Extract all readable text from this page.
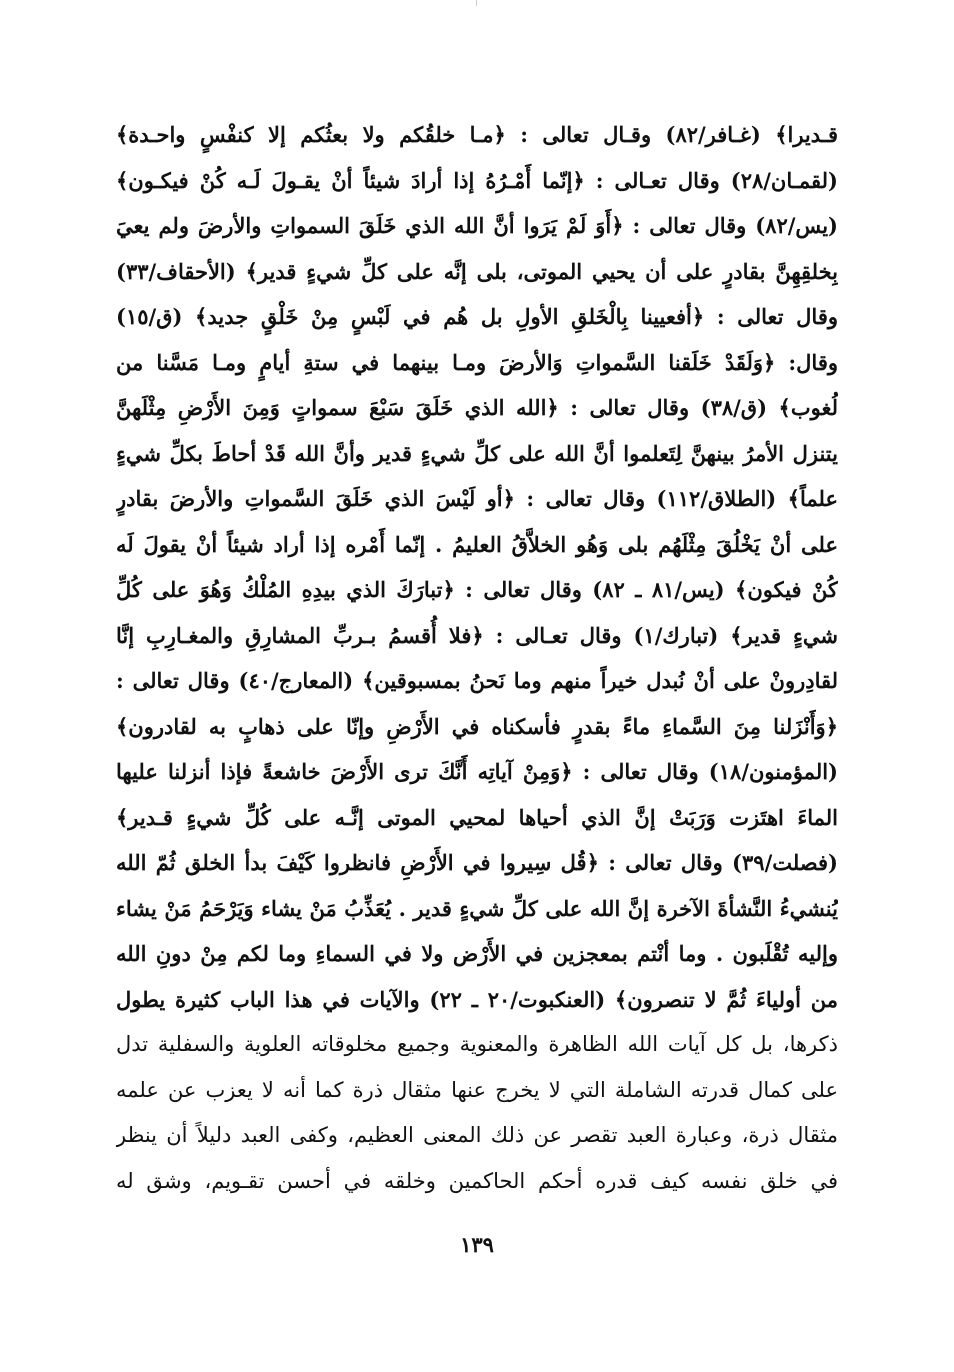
قـديرا﴾ (غـافر/٨٢) وقـال تعالى : ﴿مـا خلقُكم ولا بعثُكم إلا كنفْسٍ واحـدة﴾
(لقمـان/٢٨) وقال تعـالى : ﴿إنّما أَمْـرُهُ إذا أرادَ شيئاً أنْ يقـولَ لَـه كُنْ فيكـون﴾
(يس/٨٢) وقال تعالى : ﴿أَوَ لَمْ يَرَوا أنَّ الله الذي خَلَقَ السمواتِ والأرضَ ولم يعيَ
بِخلقِهِنَّ بقادرٍ على أن يحيي الموتى، بلى إنَّه على كلِّ شيءٍ قدير﴾ (الأحقاف/٣٣)
وقال تعالى : ﴿أفعيينا بِالْخَلقِ الأولِ بل هُم في لَبْسٍ مِنْ خَلْقٍ جديد﴾ (ق/١٥)
وقال: ﴿وَلَقَدْ خَلَقنا السَّمواتِ وَالأرضَ ومـا بينهما في ستةِ أيامٍ ومـا مَسَّنا من
لُغوب﴾ (ق/٣٨) وقال تعالى : ﴿الله الذي خَلَقَ سَبْعَ سمواتٍ وَمِنَ الأَرْضِ مِثْلَهنَّ
يتنزل الأمرُ بينهنَّ لِتَعلموا أنَّ الله على كلِّ شيءٍ قدير وأنَّ الله قَدْ أحاطَ بكلِّ شيءٍ
علماً﴾ (الطلاق/١١٢) وقال تعالى : ﴿أو لَيْسَ الذي خَلَقَ السَّمواتِ والأرضَ بقادرٍ
على أنْ يَخْلُقَ مِثْلَهُم بلى وَهُو الخلاَّقُ العليمُ . إنّما أَمْره إذا أراد شيئاً أنْ يقولَ لَه
كُنْ فيكون﴾ (يس/٨١ ـ ٨٢) وقال تعالى : ﴿تبارَكَ الذي بيدِهِ المُلْكُ وَهُوَ على كُلِّ
شيءٍ قدير﴾ (تبارك/١) وقال تعـالى : ﴿فلا أُقسمُ بـربِّ المشارِقِ والمغـارِبِ إنَّا
لقادِرونْ على أنْ نُبدل خيراً منهم وما نَحنُ بمسبوقين﴾ (المعارج/٤٠) وقال تعالى :
﴿وَأَنْزَلنا مِنَ السَّماءِ ماءً بقدرٍ فأسكناه في الأَرْضِ وإنّا على ذهابٍ به لقادرون﴾
(المؤمنون/١٨) وقال تعالى : ﴿وَمِنْ آياتِه أَنَّكَ ترى الأَرْضَ خاشعةً فإذا أنزلنا عليها
الماءَ اهتَزت وَرَبَتْ إنَّ الذي أحياها لمحيي الموتى إنَّـه على كُلِّ شيءٍ قـدير﴾
(فصلت/٣٩) وقال تعالى : ﴿قُل سِيروا في الأَرْضِ فانظروا كَيْفَ بدأ الخلق ثُمّ الله
يُنشيءُ النَّشأةَ الآخرة إنَّ الله على كلِّ شيءٍ قدير . يُعَذِّبُ مَنْ يشاء وَيَرْحَمُ مَنْ يشاء
وإليه تُقْلَبون . وما أنْتم بمعجزين في الأَرْض ولا في السماءِ وما لكم مِنْ دونِ الله
من أولياءَ ثُمَّ لا تنصرون﴾ (العنكبوت/٢٠ ـ ٢٢) والآيات في هذا الباب كثيرة يطول
ذكرها، بل كل آيات الله الظاهرة والمعنوية وجميع مخلوقاته العلوية والسفلية تدل
على كمال قدرته الشاملة التي لا يخرج عنها مثقال ذرة كما أنه لا يعزب عن علمه
مثقال ذرة، وعبارة العبد تقصر عن ذلك المعنى العظيم، وكفى العبد دليلاً أن ينظر
في خلق نفسه كيف قدره أحكم الحاكمين وخلقه في أحسن تقـويم، وشق له
١٣٩
